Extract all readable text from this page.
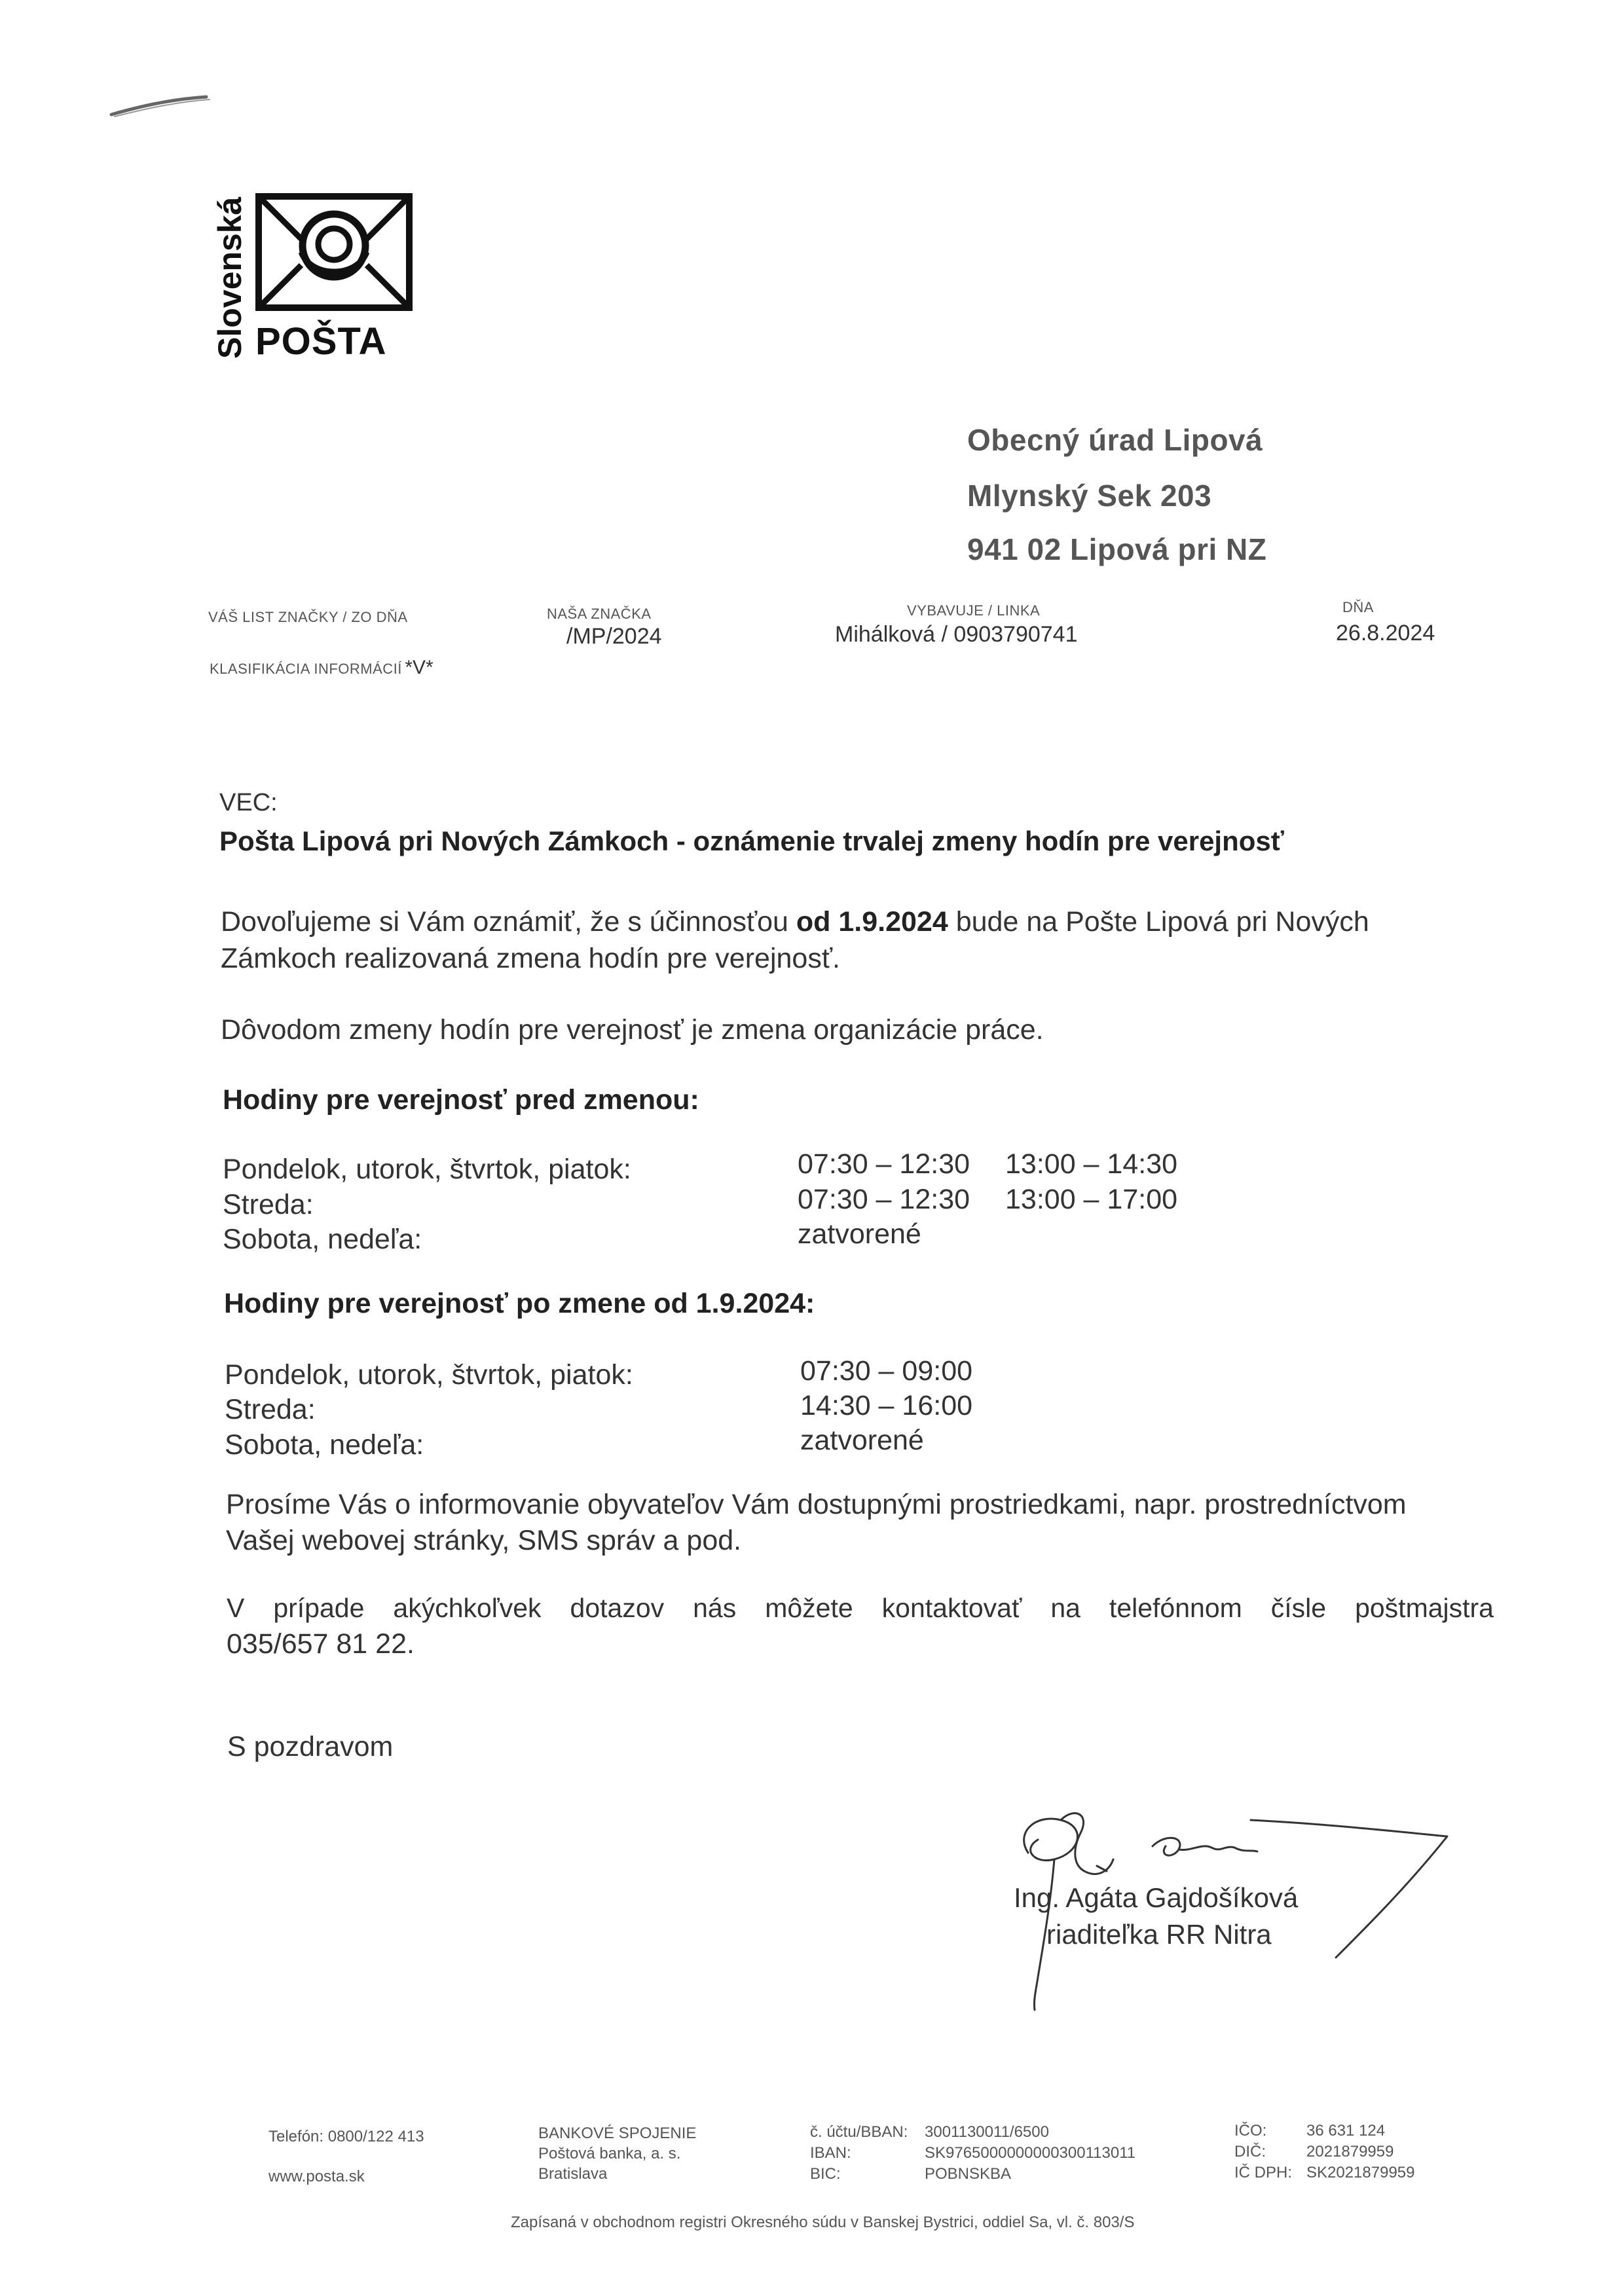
Slovenská POŠTA
Obecný úrad Lipová
Mlynský Sek 203
941 02 Lipová pri NZ
VÁŠ LIST ZNAČKY / ZO DŇA	NAŠA ZNAČKA
/MP/2024
VYBAVUJE / LINKA
Mihálková / 0903790741
DŇA
26.8.2024
KLASIFIKÁCIA INFORMÁCIÍ *V*
VEC:
Pošta Lipová pri Nových Zámkoch - oznámenie trvalej zmeny hodín pre verejnosť
Dovoľujeme si Vám oznámiť, že s účinnosťou od 1.9.2024 bude na Pošte Lipová pri Nových
Zámkoch realizovaná zmena hodín pre verejnosť.
Dôvodom zmeny hodín pre verejnosť je zmena organizácie práce.
Hodiny pre verejnosť pred zmenou:
Pondelok, utorok, štvrtok, piatok:	07:30 – 12:30 13:00 – 14:30
Streda:	07:30 – 12:30 13:00 – 17:00
Sobota, nedeľa:	zatvorené
Hodiny pre verejnosť po zmene od 1.9.2024:
Pondelok, utorok, štvrtok, piatok:	07:30 – 09:00
Streda:	14:30 – 16:00
Sobota, nedeľa:	zatvorené
Prosíme Vás o informovanie obyvateľov Vám dostupnými prostriedkami, napr. prostredníctvom
Vašej webovej stránky, SMS správ a pod.
V prípade akýchkoľvek dotazov nás môžete kontaktovať na telefónnom čísle poštmajstra
035/657 81 22.
S pozdravom
Ing. Agáta Gajdošíková
riaditeľka RR Nitra
Telefón: 0800/122 413
www.posta.sk
BANKOVÉ SPOJENIE
Poštová banka, a. s.
Bratislava
č. účtu/BBAN: 3001130011/6500
IBAN:	SK9765000000000300113011
BIC:	POBNSKBA
IČO:	36 631 124
DIČ:	2021879959
IČ DPH: SK2021879959
Zapísaná v obchodnom registri Okresného súdu v Banskej Bystrici, oddiel Sa, vl. č. 803/S
